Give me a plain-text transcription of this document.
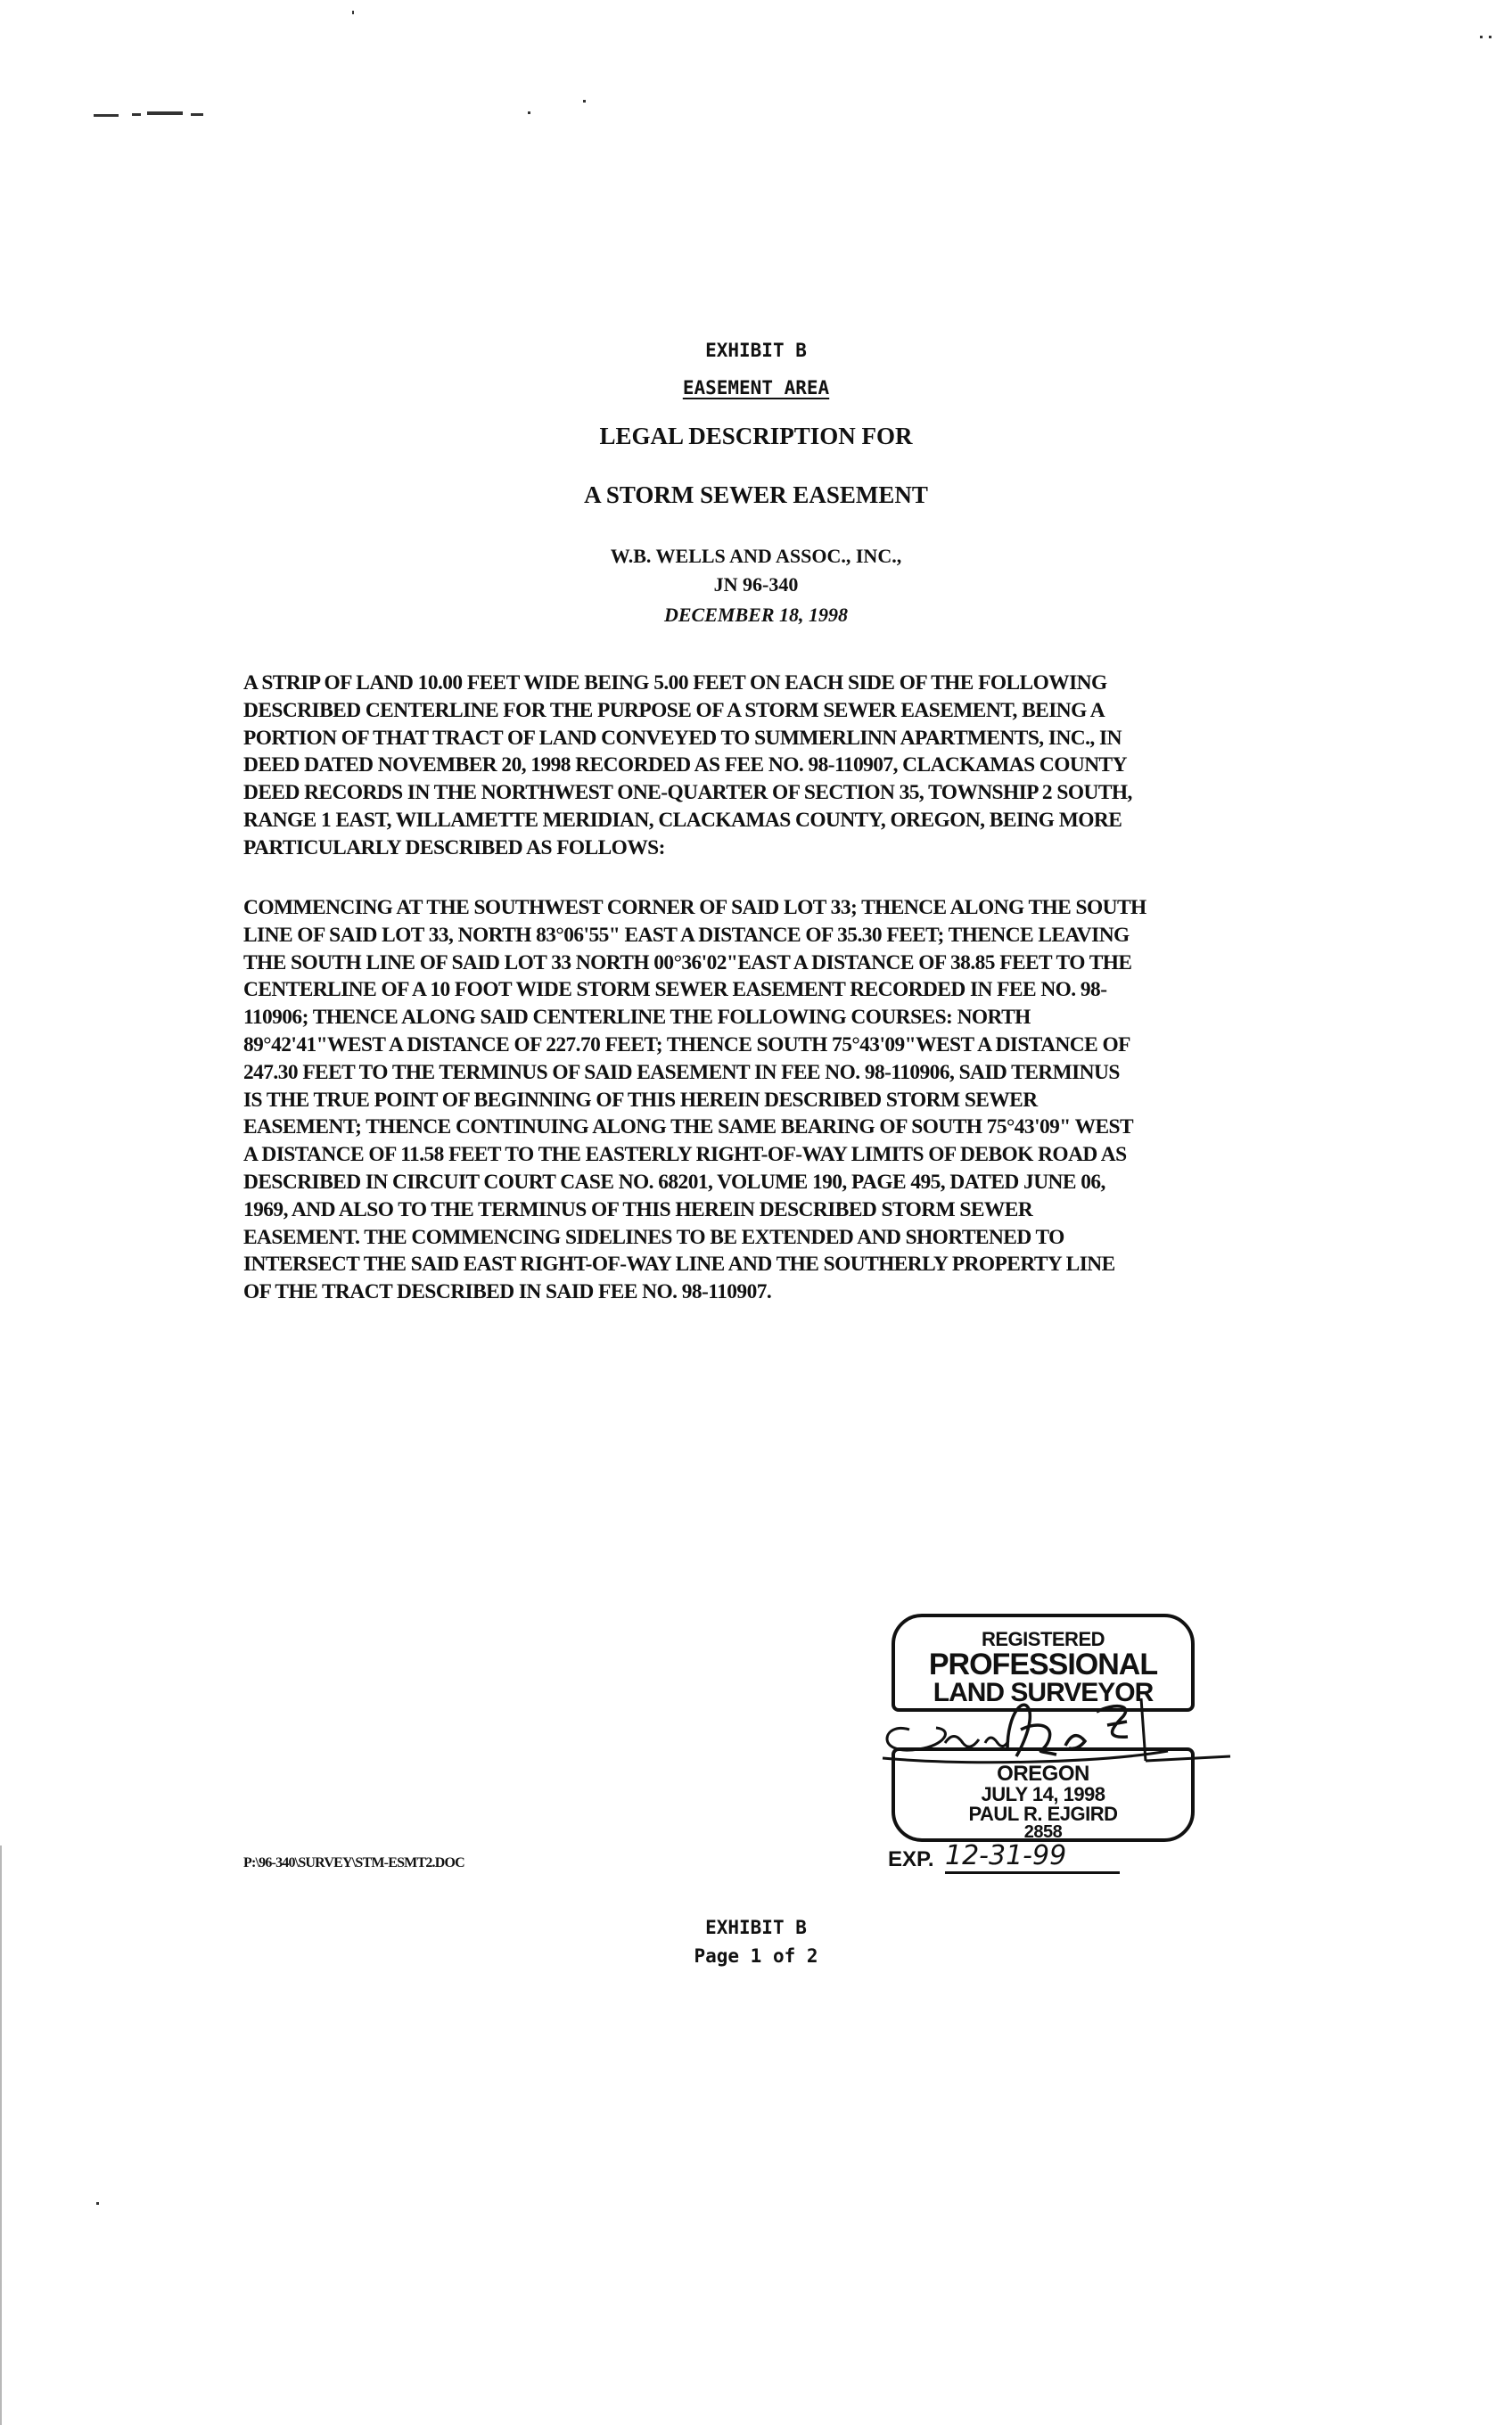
EXHIBIT B
EASEMENT AREA
LEGAL DESCRIPTION FOR
A STORM SEWER EASEMENT
W.B. WELLS AND ASSOC., INC.,
JN 96-340
DECEMBER 18, 1998
A STRIP OF LAND 10.00 FEET WIDE BEING 5.00 FEET ON EACH SIDE OF THE FOLLOWING
DESCRIBED CENTERLINE FOR THE PURPOSE OF A STORM SEWER EASEMENT, BEING A
PORTION OF THAT TRACT OF LAND CONVEYED TO SUMMERLINN APARTMENTS, INC., IN
DEED DATED NOVEMBER 20, 1998 RECORDED AS FEE NO. 98-110907, CLACKAMAS COUNTY
DEED RECORDS IN THE NORTHWEST ONE-QUARTER OF SECTION 35, TOWNSHIP 2 SOUTH,
RANGE 1 EAST, WILLAMETTE MERIDIAN, CLACKAMAS COUNTY, OREGON, BEING MORE
PARTICULARLY DESCRIBED AS FOLLOWS:
COMMENCING AT THE SOUTHWEST CORNER OF SAID LOT 33; THENCE ALONG THE SOUTH
LINE OF SAID LOT 33, NORTH 83°06'55" EAST A DISTANCE OF 35.30 FEET; THENCE LEAVING
THE SOUTH LINE OF SAID LOT 33 NORTH 00°36'02"EAST A DISTANCE OF 38.85 FEET TO THE
CENTERLINE OF A 10 FOOT WIDE STORM SEWER EASEMENT RECORDED IN FEE NO. 98-
110906; THENCE ALONG SAID CENTERLINE THE FOLLOWING COURSES: NORTH
89°42'41"WEST A DISTANCE OF 227.70 FEET; THENCE SOUTH 75°43'09"WEST A DISTANCE OF
247.30 FEET TO THE TERMINUS OF SAID EASEMENT IN FEE NO. 98-110906, SAID TERMINUS
IS THE TRUE POINT OF BEGINNING OF THIS HEREIN DESCRIBED STORM SEWER
EASEMENT; THENCE CONTINUING ALONG THE SAME BEARING OF SOUTH 75°43'09" WEST
A DISTANCE OF 11.58 FEET TO THE EASTERLY RIGHT-OF-WAY LIMITS OF DEBOK ROAD AS
DESCRIBED IN CIRCUIT COURT CASE NO. 68201, VOLUME 190, PAGE 495, DATED JUNE 06,
1969, AND ALSO TO THE TERMINUS OF THIS HEREIN DESCRIBED STORM SEWER
EASEMENT. THE COMMENCING SIDELINES TO BE EXTENDED AND SHORTENED TO
INTERSECT THE SAID EAST RIGHT-OF-WAY LINE AND THE SOUTHERLY PROPERTY LINE
OF THE TRACT DESCRIBED IN SAID FEE NO. 98-110907.
REGISTERED
PROFESSIONAL
LAND SURVEYOR
OREGON
JULY 14, 1998
PAUL R. EJGIRD
2858
EXP. 12-31-99
P:\96-340\SURVEY\STM-ESMT2.DOC
EXHIBIT B
Page 1 of 2
